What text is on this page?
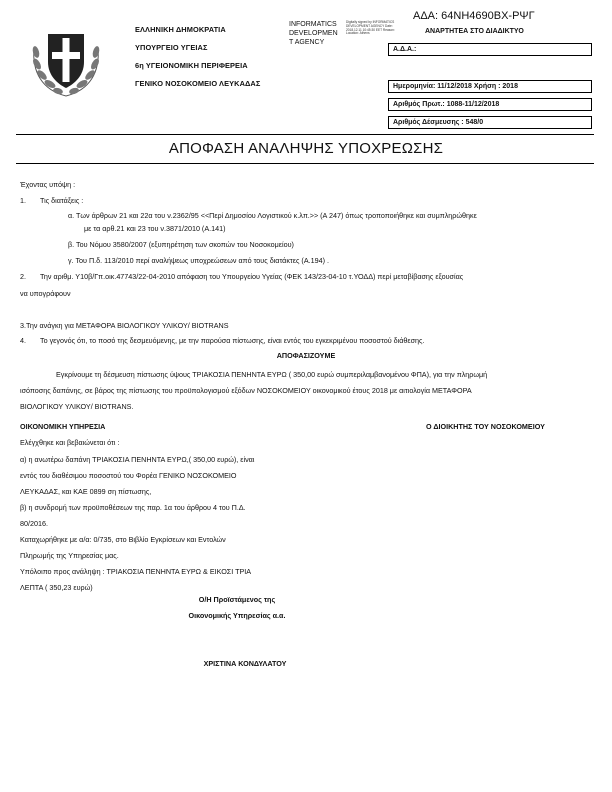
ΑΔΑ: 64ΝΗ4690ΒΧ-ΡΨΓ
ΕΛΛΗΝΙΚΗ ΔΗΜΟΚΡΑΤΙΑ
ΥΠΟΥΡΓΕΙΟ ΥΓΕΙΑΣ
6η ΥΓΕΙΟΝΟΜΙΚΗ ΠΕΡΙΦΕΡΕΙΑ
ΓΕΝΙΚΟ ΝΟΣΟΚΟΜΕΙΟ ΛΕΥΚΑΔΑΣ
INFORMATICS
DEVELOPMEN
T AGENCY
Digitally signed by INFORMATICS DEVELOPMENT AGENCY Date: 2018.12.11 10:45:30 EET Reason: Location: Athens	ΑΝΑΡΤΗΤΕΑ ΣΤΟ ΔΙΑΔΙΚΤΥΟ
Α.Δ.Α.:
Ημερομηνία: 11/12/2018 Χρήση : 2018
Αριθμός Πρωτ.: 1088-11/12/2018
Αριθμός Δέσμευσης : 548/0
ΑΠΟΦΑΣΗ ΑΝΑΛΗΨΗΣ ΥΠΟΧΡΕΩΣΗΣ
Έχοντας υπόψη :
1. Τις διατάξεις :
α. Των άρθρων 21 και 22α του ν.2362/95 <<Περί Δημοσίου Λογιστικού κ.λπ.>> (Α 247) όπως τροποποιήθηκε και συμπληρώθηκε
με τα αρθ.21 και 23 του ν.3871/2010 (Α.141)
β. Του Νόμου 3580/2007 (εξυπηρέτηση των σκοπών του Νοσοκομείου)
γ. Του Π.δ. 113/2010 περί αναλήψεως υποχρεώσεων από τους διατάκτες (Α.194) .
2. Την αριθμ. Υ10β/Γπ.οικ.47743/22-04-2010 απόφαση του Υπουργείου Υγείας (ΦΕΚ 143/23-04-10 τ.ΥΟΔΔ) περί μεταβίβασης εξουσίας
να υπογράφουν
3.Την ανάγκη για ΜΕΤΑΦΟΡΑ ΒΙΟΛΟΓΙΚΟΥ ΥΛΙΚΟΥ/ ΒΙΟTRANS
4. Το γεγονός ότι, το ποσό της δεσμευόμενης, με την παρούσα πίστωσης, είναι εντός του εγκεκριμένου ποσοστού διάθεσης.
ΑΠΟΦΑΣΙΖΟΥΜΕ
Εγκρίνουμε τη δέσμευση πίστωσης ύψους ΤΡΙΑΚΟΣΙΑ ΠΕΝΗΝΤΑ ΕΥΡΩ ( 350,00 ευρώ συμπεριλαμβανομένου ΦΠΑ), για την πληρωμή
ισόποσης δαπάνης, σε βάρος της πίστωσης του προϋπολογισμού εξόδων ΝΟΣΟΚΟΜΕΙΟΥ οικονομικού έτους 2018 με αιτιολογία ΜΕΤΑΦΟΡΑ
ΒΙΟΛΟΓΙΚΟΥ ΥΛΙΚΟΥ/ ΒΙΟTRANS.
ΟΙΚΟΝΟΜΙΚΗ ΥΠΗΡΕΣΙΑ	Ο ΔΙΟΙΚΗΤΗΣ ΤΟΥ ΝΟΣΟΚΟΜΕΙΟΥ
Ελέγχθηκε και βεβαιώνεται ότι :
α) η ανωτέρω δαπάνη ΤΡΙΑΚΟΣΙΑ ΠΕΝΗΝΤΑ ΕΥΡΩ,( 350,00 ευρώ), είναι
εντός του διαθέσιμου ποσοστού του Φορέα ΓΕΝΙΚΟ ΝΟΣΟΚΟΜΕΙΟ
ΛΕΥΚΑΔΑΣ, και ΚΑΕ 0899 ση πίστωσης,
β) η συνδρομή των προϋποθέσεων της παρ. 1α του άρθρου 4 του Π.Δ.
80/2016.
Καταχωρήθηκε με α/α: 0/735, στο Βιβλίο Εγκρίσεων και Εντολών
Πληρωμής της Υπηρεσίας μας.
Υπόλοιπο προς ανάληψη : ΤΡΙΑΚΟΣΙΑ ΠΕΝΗΝΤΑ ΕΥΡΩ & ΕΙΚΟΣΙ ΤΡΙΑ
ΛΕΠΤΑ ( 350,23 ευρώ)
Ο/Η Προϊστάμενος της
Οικονομικής Υπηρεσίας α.α.
ΧΡΙΣΤΙΝΑ ΚΟΝΔΥΛΑΤΟΥ
